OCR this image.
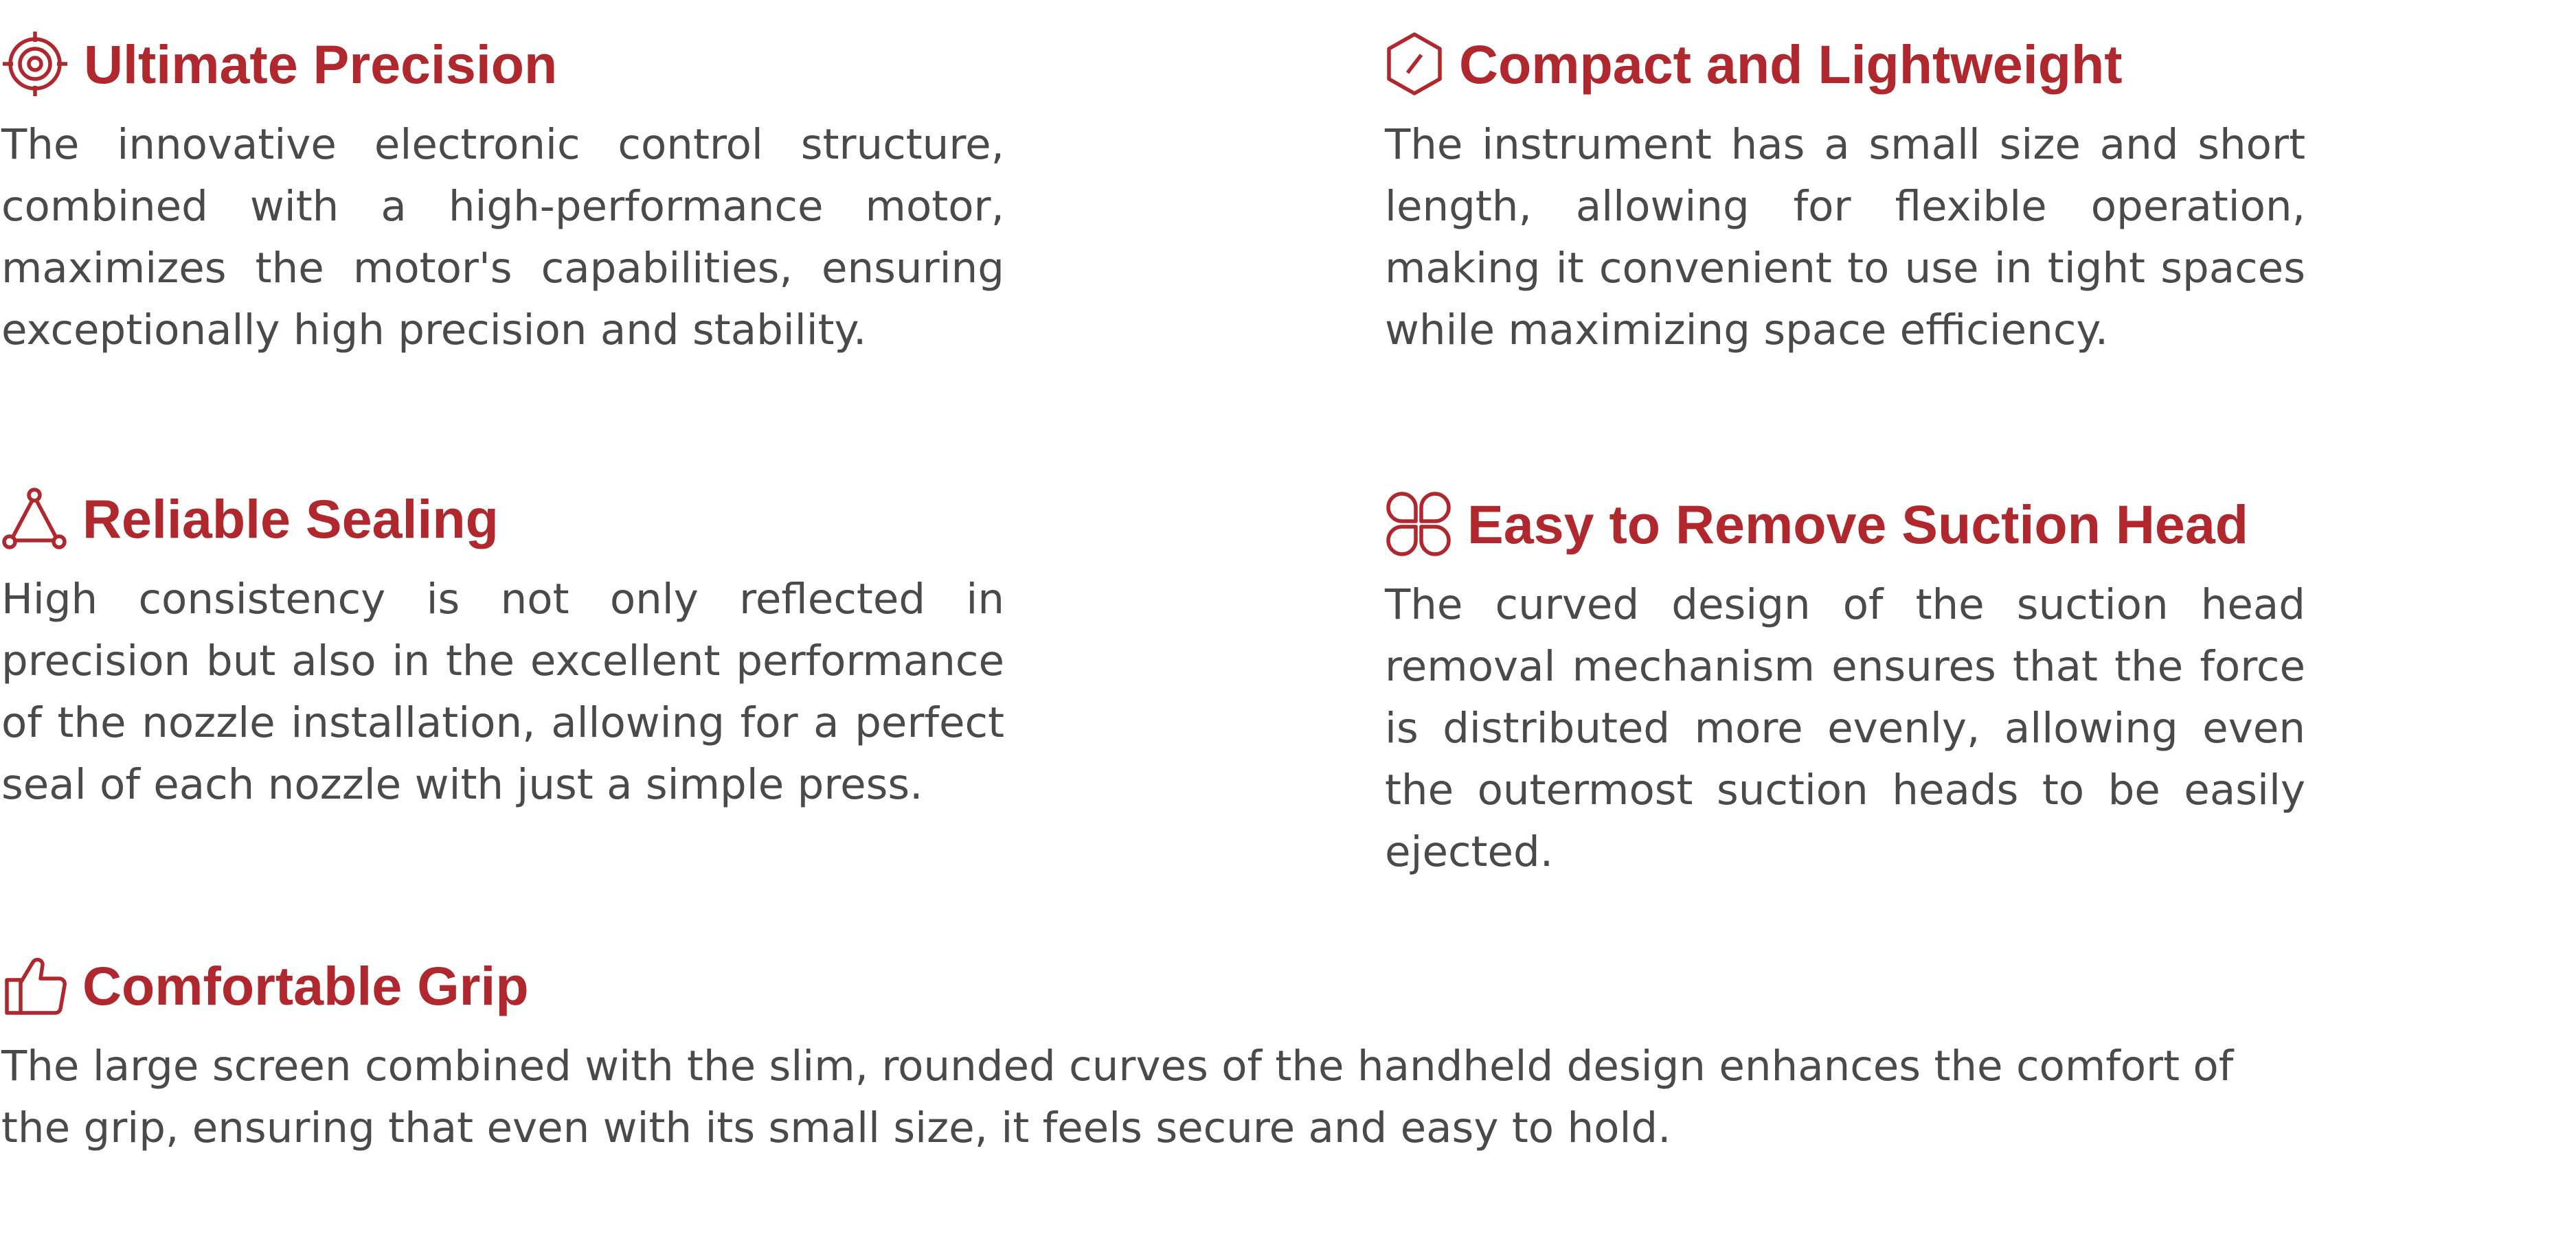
Ultimate Precision

The innovative electronic control structure, combined with a high-performance motor, maximizes the motor's capabilities, ensuring exceptionally high precision and stability.

Compact and Lightweight

The instrument has a small size and short length, allowing for flexible operation, making it convenient to use in tight spaces while maximizing space efficiency.

Reliable Sealing

High consistency is not only reflected in precision but also in the excellent performance of the nozzle installation, allowing for a perfect seal of each nozzle with just a simple press.

Easy to Remove Suction Head

The curved design of the suction head removal mechanism ensures that the force is distributed more evenly, allowing even the outermost suction heads to be easily ejected.

Comfortable Grip

The large screen combined with the slim, rounded curves of the handheld design enhances the comfort of the grip, ensuring that even with its small size, it feels secure and easy to hold.
